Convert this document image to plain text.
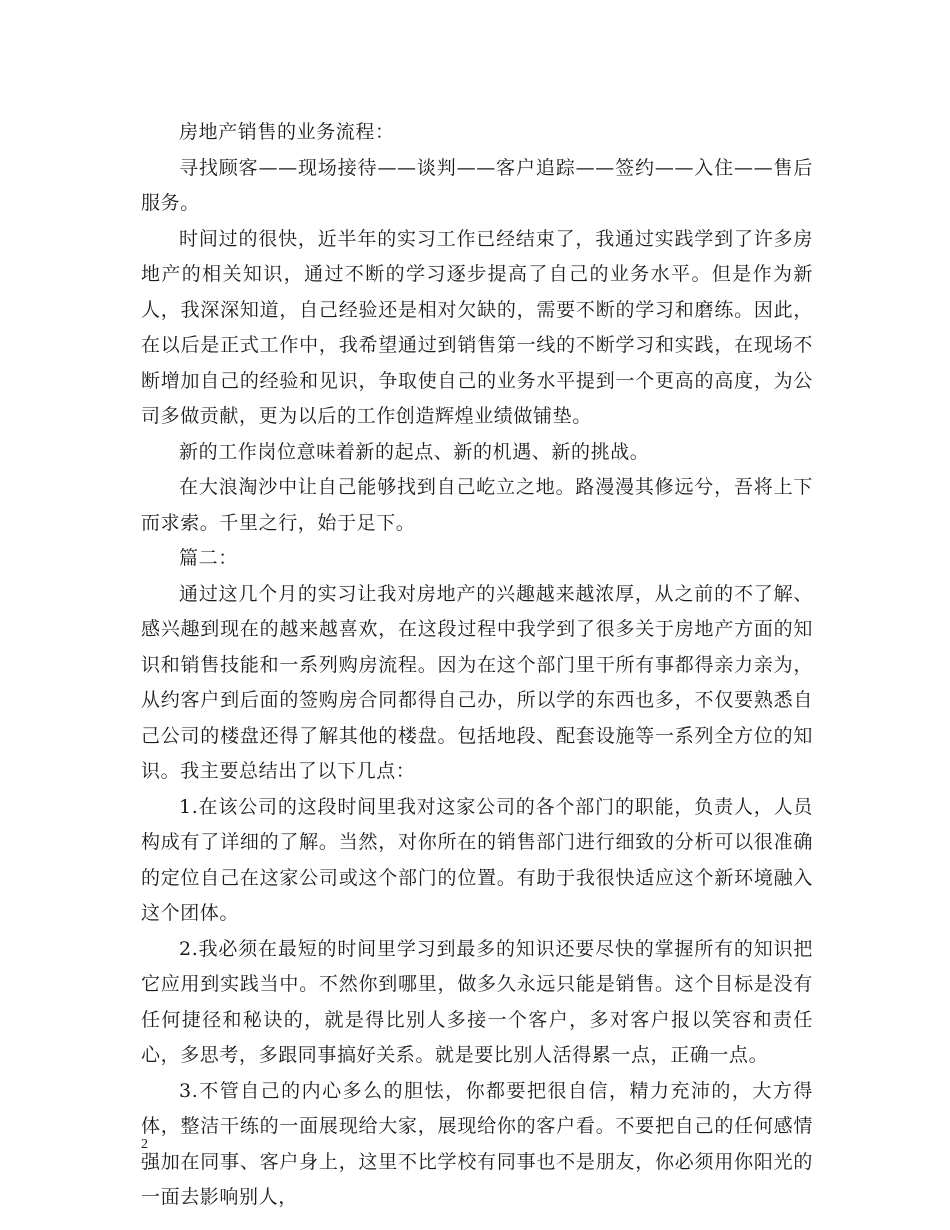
房地产销售的业务流程：

寻找顾客——现场接待——谈判——客户追踪——签约——入住——售后服务。

时间过的很快，近半年的实习工作已经结束了，我通过实践学到了许多房地产的相关知识，通过不断的学习逐步提高了自己的业务水平。但是作为新人，我深深知道，自己经验还是相对欠缺的，需要不断的学习和磨练。因此，在以后是正式工作中，我希望通过到销售第一线的不断学习和实践，在现场不断增加自己的经验和见识，争取使自己的业务水平提到一个更高的高度，为公司多做贡献，更为以后的工作创造辉煌业绩做铺垫。

新的工作岗位意味着新的起点、新的机遇、新的挑战。

在大浪淘沙中让自己能够找到自己屹立之地。路漫漫其修远兮，吾将上下而求索。千里之行，始于足下。

篇二：

通过这几个月的实习让我对房地产的兴趣越来越浓厚，从之前的不了解、感兴趣到现在的越来越喜欢，在这段过程中我学到了很多关于房地产方面的知识和销售技能和一系列购房流程。因为在这个部门里干所有事都得亲力亲为，从约客户到后面的签购房合同都得自己办，所以学的东西也多，不仅要熟悉自己公司的楼盘还得了解其他的楼盘。包括地段、配套设施等一系列全方位的知识。我主要总结出了以下几点：

1.在该公司的这段时间里我对这家公司的各个部门的职能，负责人，人员构成有了详细的了解。当然，对你所在的销售部门进行细致的分析可以很准确的定位自己在这家公司或这个部门的位置。有助于我很快适应这个新环境融入这个团体。

2.我必须在最短的时间里学习到最多的知识还要尽快的掌握所有的知识把它应用到实践当中。不然你到哪里，做多久永远只能是销售。这个目标是没有任何捷径和秘诀的，就是得比别人多接一个客户，多对客户报以笑容和责任心，多思考，多跟同事搞好关系。就是要比别人活得累一点，正确一点。

3.不管自己的内心多么的胆怯，你都要把很自信，精力充沛的，大方得体，整洁干练的一面展现给大家，展现给你的客户看。不要把自己的任何感情强加在同事、客户身上，这里不比学校有同事也不是朋友，你必须用你阳光的一面去影响别人，

2
